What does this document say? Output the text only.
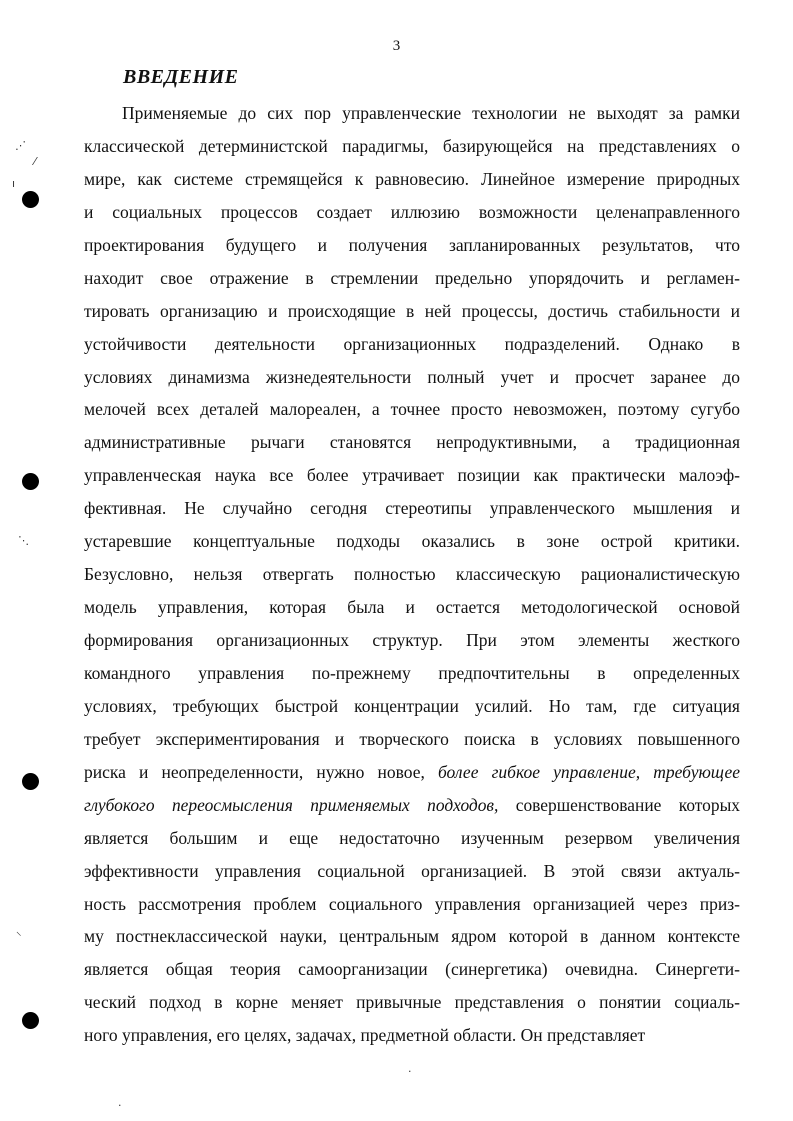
3
ВВЕДЕНИЕ
Применяемые до сих пор управленческие технологии не выходят за рамки
классической детерминистской парадигмы, базирующейся на представлениях о
мире, как системе стремящейся к равновесию. Линейное измерение природных
и социальных процессов создает иллюзию возможности целенаправленного
проектирования будущего и получения запланированных результатов, что
находит свое отражение в стремлении предельно упорядочить и регламен-
тировать организацию и происходящие в ней процессы, достичь стабильности и
устойчивости деятельности организационных подразделений. Однако в
условиях динамизма жизнедеятельности полный учет и просчет заранее до
мелочей всех деталей малореален, а точнее просто невозможен, поэтому сугубо
административные рычаги становятся непродуктивными, а традиционная
управленческая наука все более утрачивает позиции как практически малоэф-
фективная. Не случайно сегодня стереотипы управленческого мышления и
устаревшие концептуальные подходы оказались в зоне острой критики.
Безусловно, нельзя отвергать полностью классическую рационалистическую
модель управления, которая была и остается методологической основой
формирования организационных структур. При этом элементы жесткого
командного управления по-прежнему предпочтительны в определенных
условиях, требующих быстрой концентрации усилий. Но там, где ситуация
требует экспериментирования и творческого поиска в условиях повышенного
риска и неопределенности, нужно новое, более гибкое управление, требующее
глубокого переосмысления применяемых подходов, совершенствование которых
является большим и еще недостаточно изученным резервом увеличения
эффективности управления социальной организацией. В этой связи актуаль-
ность рассмотрения проблем социального управления организацией через приз-
му постнеклассической науки, центральным ядром которой в данном контексте
является общая теория самоорганизации (синергетика) очевидна. Синергети-
ческий подход в корне меняет привычные представления о понятии социаль-
ного управления, его целях, задачах, предметной области. Он представляет
⋰
⁄
ı
⋱
⸜
·
·
